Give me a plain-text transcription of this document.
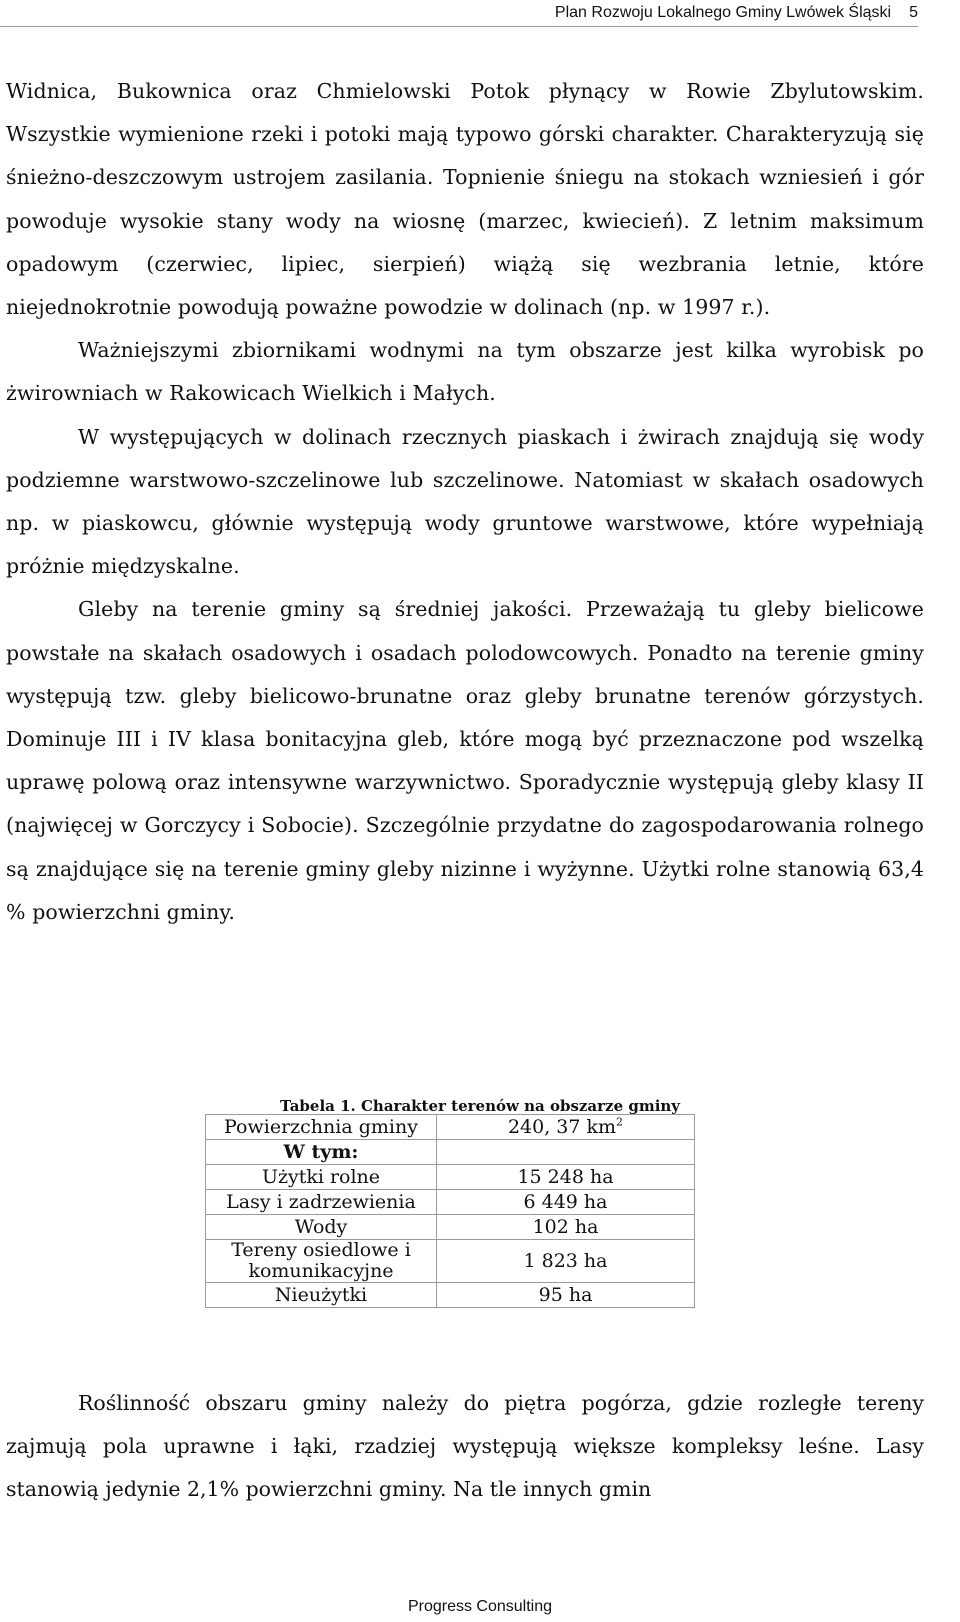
Plan Rozwoju Lokalnego Gminy Lwówek Śląski 5

Widnica, Bukownica oraz Chmielowski Potok płynący w Rowie Zbylutowskim. Wszystkie wymienione rzeki i potoki mają typowo górski charakter. Charakteryzują się śnieżno-deszczowym ustrojem zasilania. Topnienie śniegu na stokach wzniesień i gór powoduje wysokie stany wody na wiosnę (marzec, kwiecień). Z letnim maksimum opadowym (czerwiec, lipiec, sierpień) wiążą się wezbrania letnie, które niejednokrotnie powodują poważne powodzie w dolinach (np. w 1997 r.).

Ważniejszymi zbiornikami wodnymi na tym obszarze jest kilka wyrobisk po żwirowniach w Rakowicach Wielkich i Małych.

W występujących w dolinach rzecznych piaskach i żwirach znajdują się wody podziemne warstwowo-szczelinowe lub szczelinowe. Natomiast w skałach osadowych np. w piaskowcu, głównie występują wody gruntowe warstwowe, które wypełniają próżnie międzyskalne.

Gleby na terenie gminy są średniej jakości. Przeważają tu gleby bielicowe powstałe na skałach osadowych i osadach polodowcowych. Ponadto na terenie gminy występują tzw. gleby bielicowo-brunatne oraz gleby brunatne terenów górzystych. Dominuje III i IV klasa bonitacyjna gleb, które mogą być przeznaczone pod wszelką uprawę polową oraz intensywne warzywnictwo. Sporadycznie występują gleby klasy II (najwięcej w Gorczycy i Sobocie). Szczególnie przydatne do zagospodarowania rolnego są znajdujące się na terenie gminy gleby nizinne i wyżynne. Użytki rolne stanowią 63,4 % powierzchni gminy.

Tabela 1. Charakter terenów na obszarze gminy
Powierzchnia gminy	240, 37 $km^2$
W tym:	
Użytki rolne	15 248 ha
Lasy i zadrzewienia	6 449 ha
Wody	102 ha
Tereny osiedlowe i komunikacyjne	1 823 ha
Nieużytki	95 ha

Roślinność obszaru gminy należy do piętra pogórza, gdzie rozległe tereny zajmują pola uprawne i łąki, rzadziej występują większe kompleksy leśne. Lasy stanowią jedynie 2,1% powierzchni gminy. Na tle innych gmin

Progress Consulting
